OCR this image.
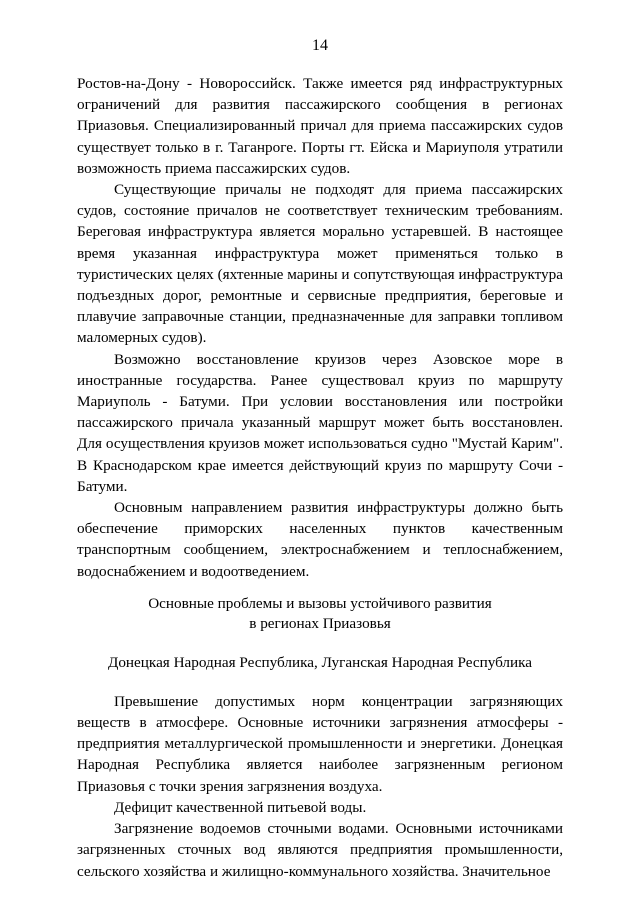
14

Ростов-на-Дону - Новороссийск. Также имеется ряд инфраструктурных ограничений для развития пассажирского сообщения в регионах Приазовья. Специализированный причал для приема пассажирских судов существует только в г. Таганроге. Порты гт. Ейска и Мариуполя утратили возможность приема пассажирских судов.

Существующие причалы не подходят для приема пассажирских судов, состояние причалов не соответствует техническим требованиям. Береговая инфраструктура является морально устаревшей. В настоящее время указанная инфраструктура может применяться только в туристических целях (яхтенные марины и сопутствующая инфраструктура подъездных дорог, ремонтные и сервисные предприятия, береговые и плавучие заправочные станции, предназначенные для заправки топливом маломерных судов).

Возможно восстановление круизов через Азовское море в иностранные государства. Ранее существовал круиз по маршруту Мариуполь - Батуми. При условии восстановления или постройки пассажирского причала указанный маршрут может быть восстановлен. Для осуществления круизов может использоваться судно "Мустай Карим". В Краснодарском крае имеется действующий круиз по маршруту Сочи - Батуми.

Основным направлением развития инфраструктуры должно быть обеспечение приморских населенных пунктов качественным транспортным сообщением, электроснабжением и теплоснабжением, водоснабжением и водоотведением.

Основные проблемы и вызовы устойчивого развития
в регионах Приазовья
Донецкая Народная Республика, Луганская Народная Республика

Превышение допустимых норм концентрации загрязняющих веществ в атмосфере. Основные источники загрязнения атмосферы - предприятия металлургической промышленности и энергетики. Донецкая Народная Республика является наиболее загрязненным регионом Приазовья с точки зрения загрязнения воздуха.

Дефицит качественной питьевой воды.

Загрязнение водоемов сточными водами. Основными источниками загрязненных сточных вод являются предприятия промышленности, сельского хозяйства и жилищно-коммунального хозяйства. Значительное
